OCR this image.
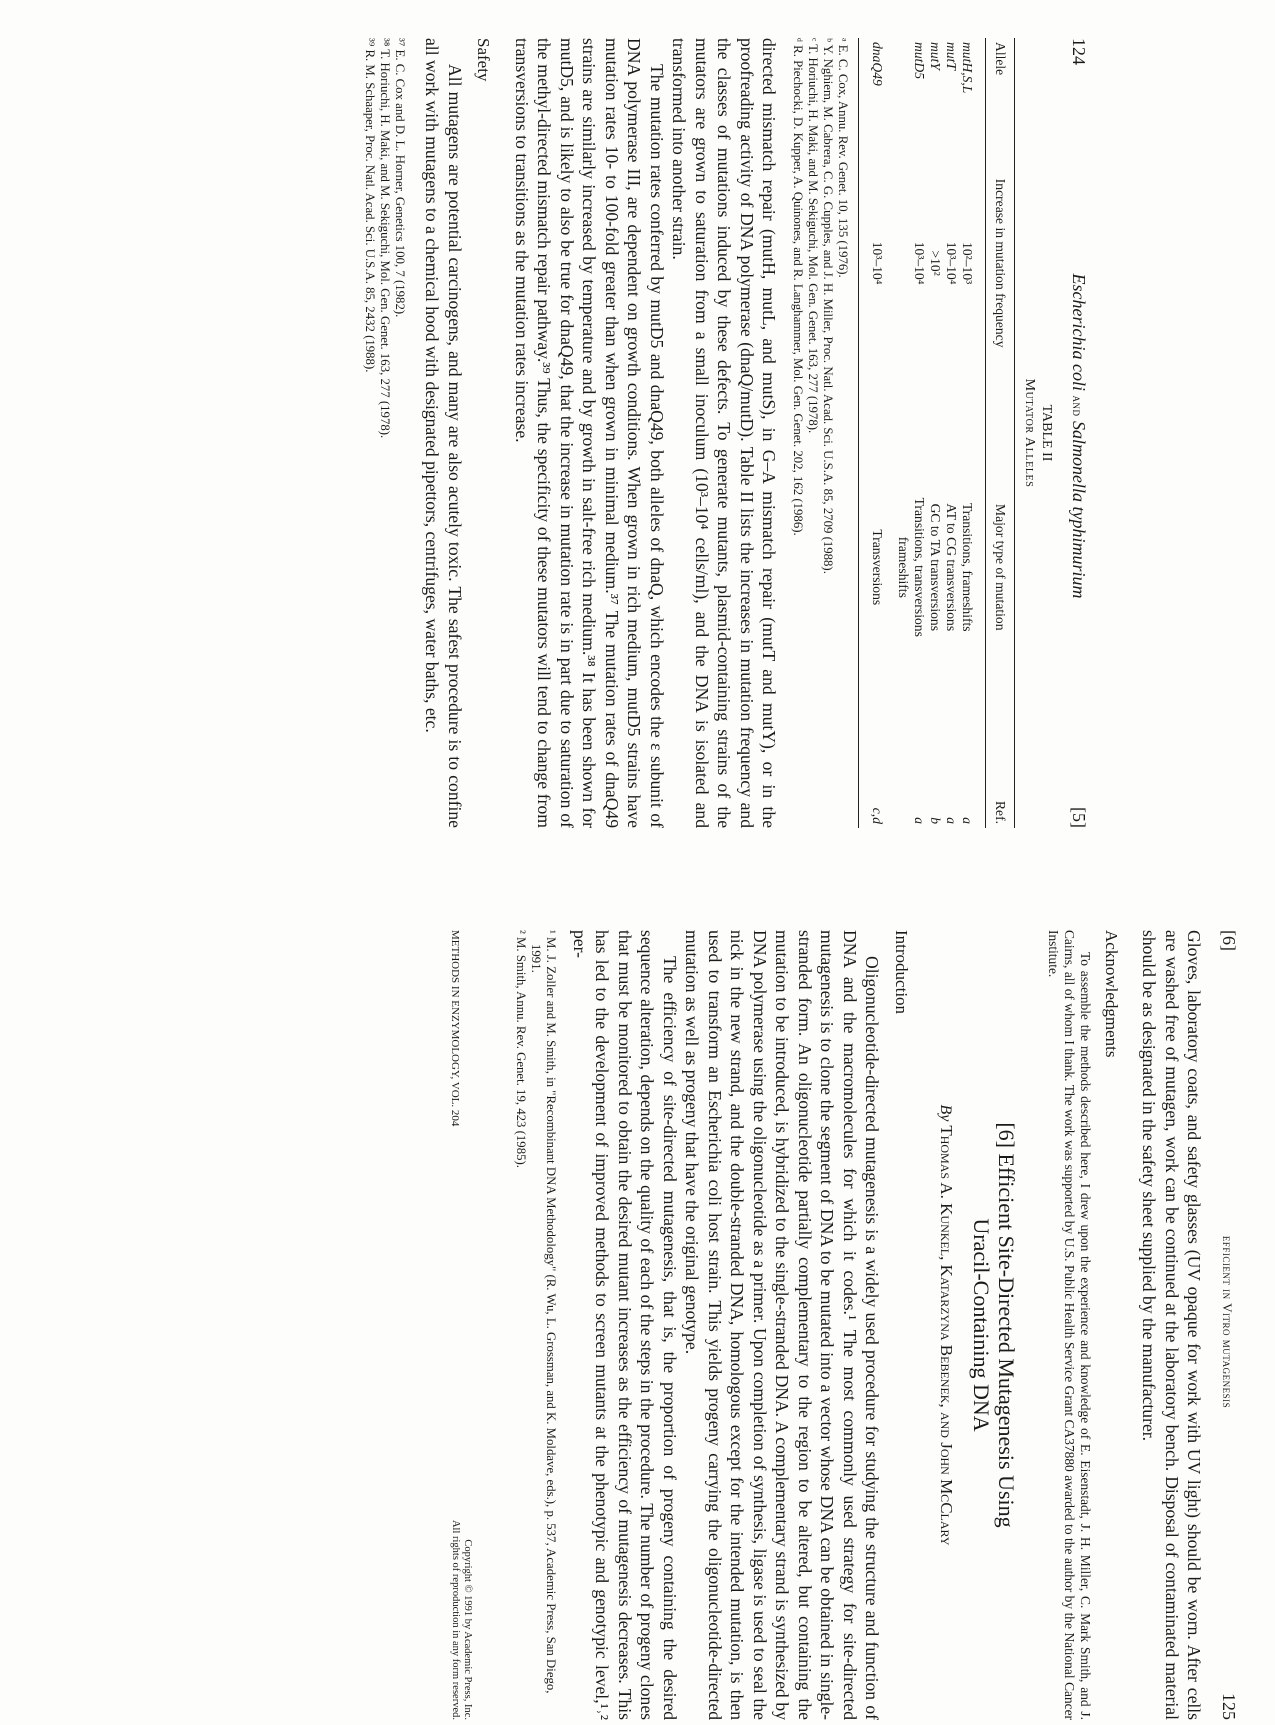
124
Escherichia coli and Salmonella typhimurium
[5]
TABLE II
Mutator Alleles
Allele	Increase in mutation frequency	Major type of mutation	Ref.

mutH,S,L	10²–10³	Transitions, frameshifts	a
mutT	10³–10⁴	AT to CG transversions	a
mutY	>10²	GC to TA transversions	b
mutD5	10³–10⁴	Transitions, transversions	a
		frameshifts	

dnaQ49	10³–10⁴	Transversions	c,d

ᵃ E. C. Cox, Annu. Rev. Genet. 10, 135 (1976).

ᵇ Y. Nghiem, M. Cabrera, C. G. Cupples, and J. H. Miller, Proc. Natl. Acad. Sci. U.S.A. 85, 2709 (1988).

ᶜ T. Horiuchi, H. Maki, and M. Sekiguchi, Mol. Gen. Genet. 163, 277 (1978).

ᵈ R. Piechocki, D. Kupper, A. Quinones, and R. Langhammer, Mol. Gen. Genet. 202, 162 (1986).

directed mismatch repair (mutH, mutL, and mutS), in G–A mismatch repair (mutT and mutY), or in the proofreading activity of DNA polymerase (dnaQ/mutD). Table II lists the increases in mutation frequency and the classes of mutations induced by these defects. To generate mutants, plasmid-containing strains of the mutators are grown to saturation from a small inoculum (10³–10⁴ cells/ml), and the DNA is isolated and transformed into another strain.

The mutation rates conferred by mutD5 and dnaQ49, both alleles of dnaQ, which encodes the ε subunit of DNA polymerase III, are dependent on growth conditions. When grown in rich medium, mutD5 strains have mutation rates 10- to 100-fold greater than when grown in minimal medium.³⁷ The mutation rates of dnaQ49 strains are similarly increased by temperature and by growth in salt-free rich medium.³⁸ It has been shown for mutD5, and is likely to also be true for dnaQ49, that the increase in mutation rate is in part due to saturation of the methyl-directed mismatch repair pathway.³⁹ Thus, the specificity of these mutators will tend to change from transversions to transitions as the mutation rates increase.

Safety

All mutagens are potential carcinogens, and many are also acutely toxic. The safest procedure is to confine all work with mutagens to a chemical hood with designated pipettors, centrifuges, water baths, etc.

³⁷ E. C. Cox and D. L. Horner, Genetics 100, 7 (1982).

³⁸ T. Horiuchi, H. Maki, and M. Sekiguchi, Mol. Gen. Genet. 163, 277 (1978).

³⁹ R. M. Schaaper, Proc. Natl. Acad. Sci. U.S.A. 85, 2432 (1988).

[6]
efficient in Vitro mutagenesis
125

Gloves, laboratory coats, and safety glasses (UV opaque for work with UV light) should be worn. After cells are washed free of mutagen, work can be continued at the laboratory bench. Disposal of contaminated material should be as designated in the safety sheet supplied by the manufacturer.

Acknowledgments

To assemble the methods described here, I drew upon the experience and knowledge of E. Eisenstadt, J. H. Miller, C. Mark Smith, and J. Cairns, all of whom I thank. The work was supported by U.S. Public Health Service Grant CA37880 awarded to the author by the National Cancer Institute.

[6] Efficient Site-Directed Mutagenesis Using
Uracil-Containing DNA
By Thomas A. Kunkel, Katarzyna Bebenek, and John McClary
Introduction

Oligonucleotide-directed mutagenesis is a widely used procedure for studying the structure and function of DNA and the macromolecules for which it codes.¹ The most commonly used strategy for site-directed mutagenesis is to clone the segment of DNA to be mutated into a vector whose DNA can be obtained in single-stranded form. An oligonucleotide partially complementary to the region to be altered, but containing the mutation to be introduced, is hybridized to the single-stranded DNA. A complementary strand is synthesized by DNA polymerase using the oligonucleotide as a primer. Upon completion of synthesis, ligase is used to seal the nick in the new strand, and the double-stranded DNA, homologous except for the intended mutation, is then used to transform an Escherichia coli host strain. This yields progeny carrying the oligonucleotide-directed mutation as well as progeny that have the original genotype.

The efficiency of site-directed mutagenesis, that is, the proportion of progeny containing the desired sequence alteration, depends on the quality of each of the steps in the procedure. The number of progeny clones that must be monitored to obtain the desired mutant increases as the efficiency of mutagenesis decreases. This has led to the development of improved methods to screen mutants at the phenotypic and genotypic level,¹˒² per-

¹ M. J. Zoller and M. Smith, in "Recombinant DNA Methodology" (R. Wu, L. Grossman, and K. Moldave, eds.), p. 537, Academic Press, San Diego, 1991.

² M. Smith, Annu. Rev. Genet. 19, 423 (1985).

METHODS IN ENZYMOLOGY, VOL. 204
Copyright © 1991 by Academic Press, Inc.
All rights of reproduction in any form reserved.
